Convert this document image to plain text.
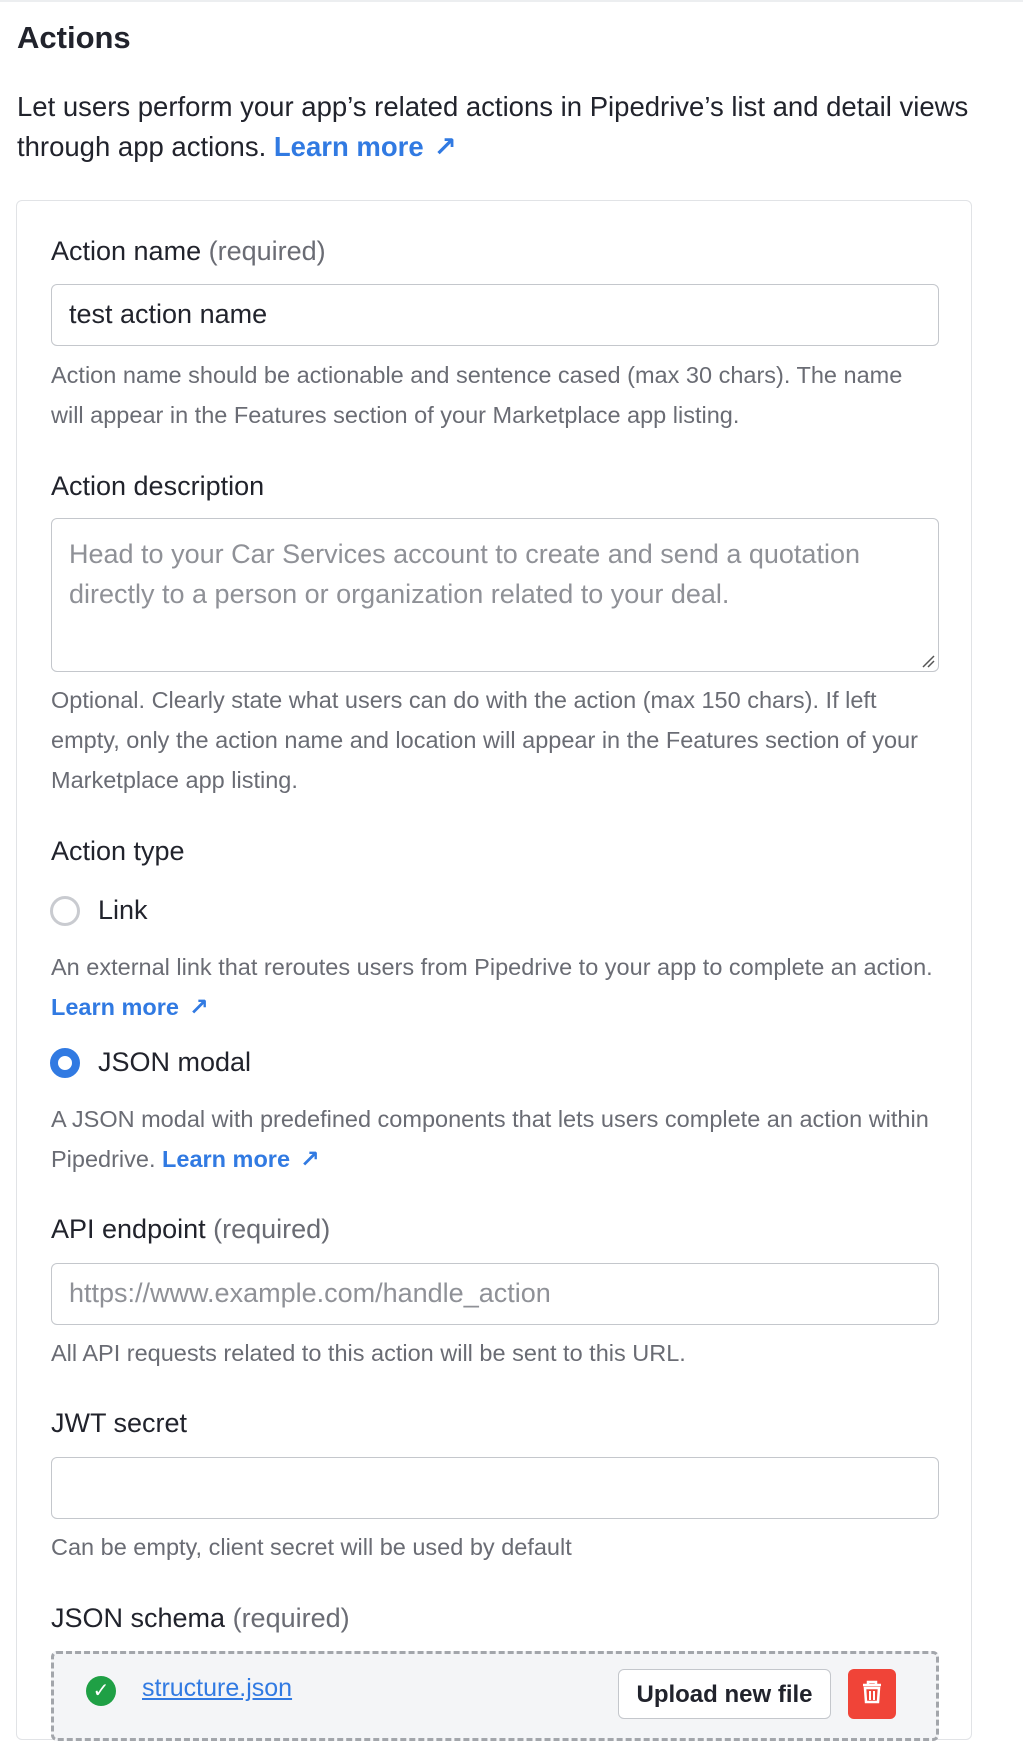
Actions
Let users perform your app’s related actions in Pipedrive’s list and detail views through app actions. Learn more ↗
Action name (required)
test action name
Action name should be actionable and sentence cased (max 30 chars). The name will appear in the Features section of your Marketplace app listing.
Action description
Head to your Car Services account to create and send a quotation directly to a person or organization related to your deal.
Optional. Clearly state what users can do with the action (max 150 chars). If left empty, only the action name and location will appear in the Features section of your Marketplace app listing.
Action type
Link
An external link that reroutes users from Pipedrive to your app to complete an action. Learn more ↗
JSON modal
A JSON modal with predefined components that lets users complete an action within Pipedrive. Learn more ↗
API endpoint (required)
https://www.example.com/handle_action
All API requests related to this action will be sent to this URL.
JWT secret
Can be empty, client secret will be used by default
JSON schema (required)
✓ structure.json	Upload new file
